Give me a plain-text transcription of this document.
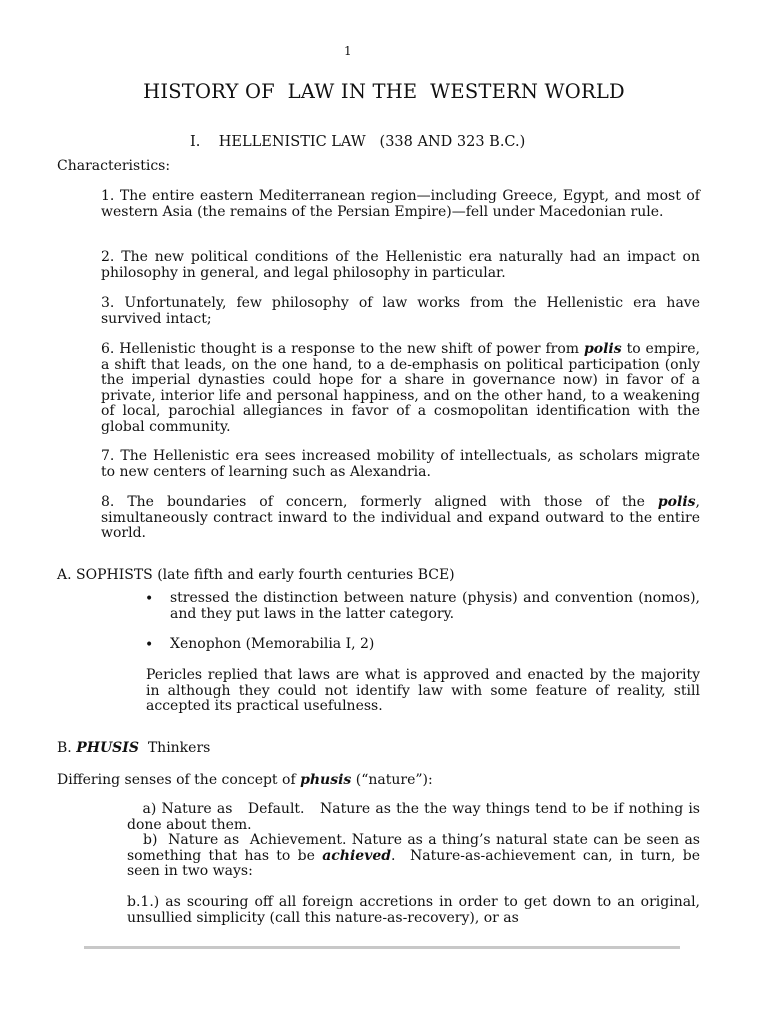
1
HISTORY OF  LAW IN THE  WESTERN WORLD
I.    HELLENISTIC LAW   (338 AND 323 B.C.)
Characteristics:
1. The entire eastern Mediterranean region—including Greece, Egypt, and most of western Asia (the remains of the Persian Empire)—fell under Macedonian rule.
2. The new political conditions of the Hellenistic era naturally had an impact on philosophy in general, and legal philosophy in particular.
3. Unfortunately, few philosophy of law works from the Hellenistic era have survived intact;
6. Hellenistic thought is a response to the new shift of power from polis to empire, a shift that leads, on the one hand, to a de-emphasis on political participation (only the imperial dynasties could hope for a share in governance now) in favor of a private, interior life and personal happiness, and on the other hand, to a weakening of local, parochial allegiances in favor of a cosmopolitan identification with the global community.
7. The Hellenistic era sees increased mobility of intellectuals, as scholars migrate to new centers of learning such as Alexandria.
8. The boundaries of concern, formerly aligned with those of the polis, simultaneously contract inward to the individual and expand outward to the entire world.
A. SOPHISTS (late fifth and early fourth centuries BCE)
• stressed the distinction between nature (physis) and convention (nomos), and they put laws in the latter category.
• Xenophon (Memorabilia I, 2)
Pericles replied that laws are what is approved and enacted by the majority in although they could not identify law with some feature of reality, still accepted its practical usefulness.
B. PHUSIS  Thinkers
Differing senses of the concept of phusis (“nature”):
a) Nature as   Default.   Nature as the the way things tend to be if nothing is done about them.
b)  Nature as  Achievement. Nature as a thing’s natural state can be seen as something that has to be achieved.  Nature-as-achievement can, in turn, be seen in two ways:
b.1.) as scouring off all foreign accretions in order to get down to an original, unsullied simplicity (call this nature-as-recovery), or as
